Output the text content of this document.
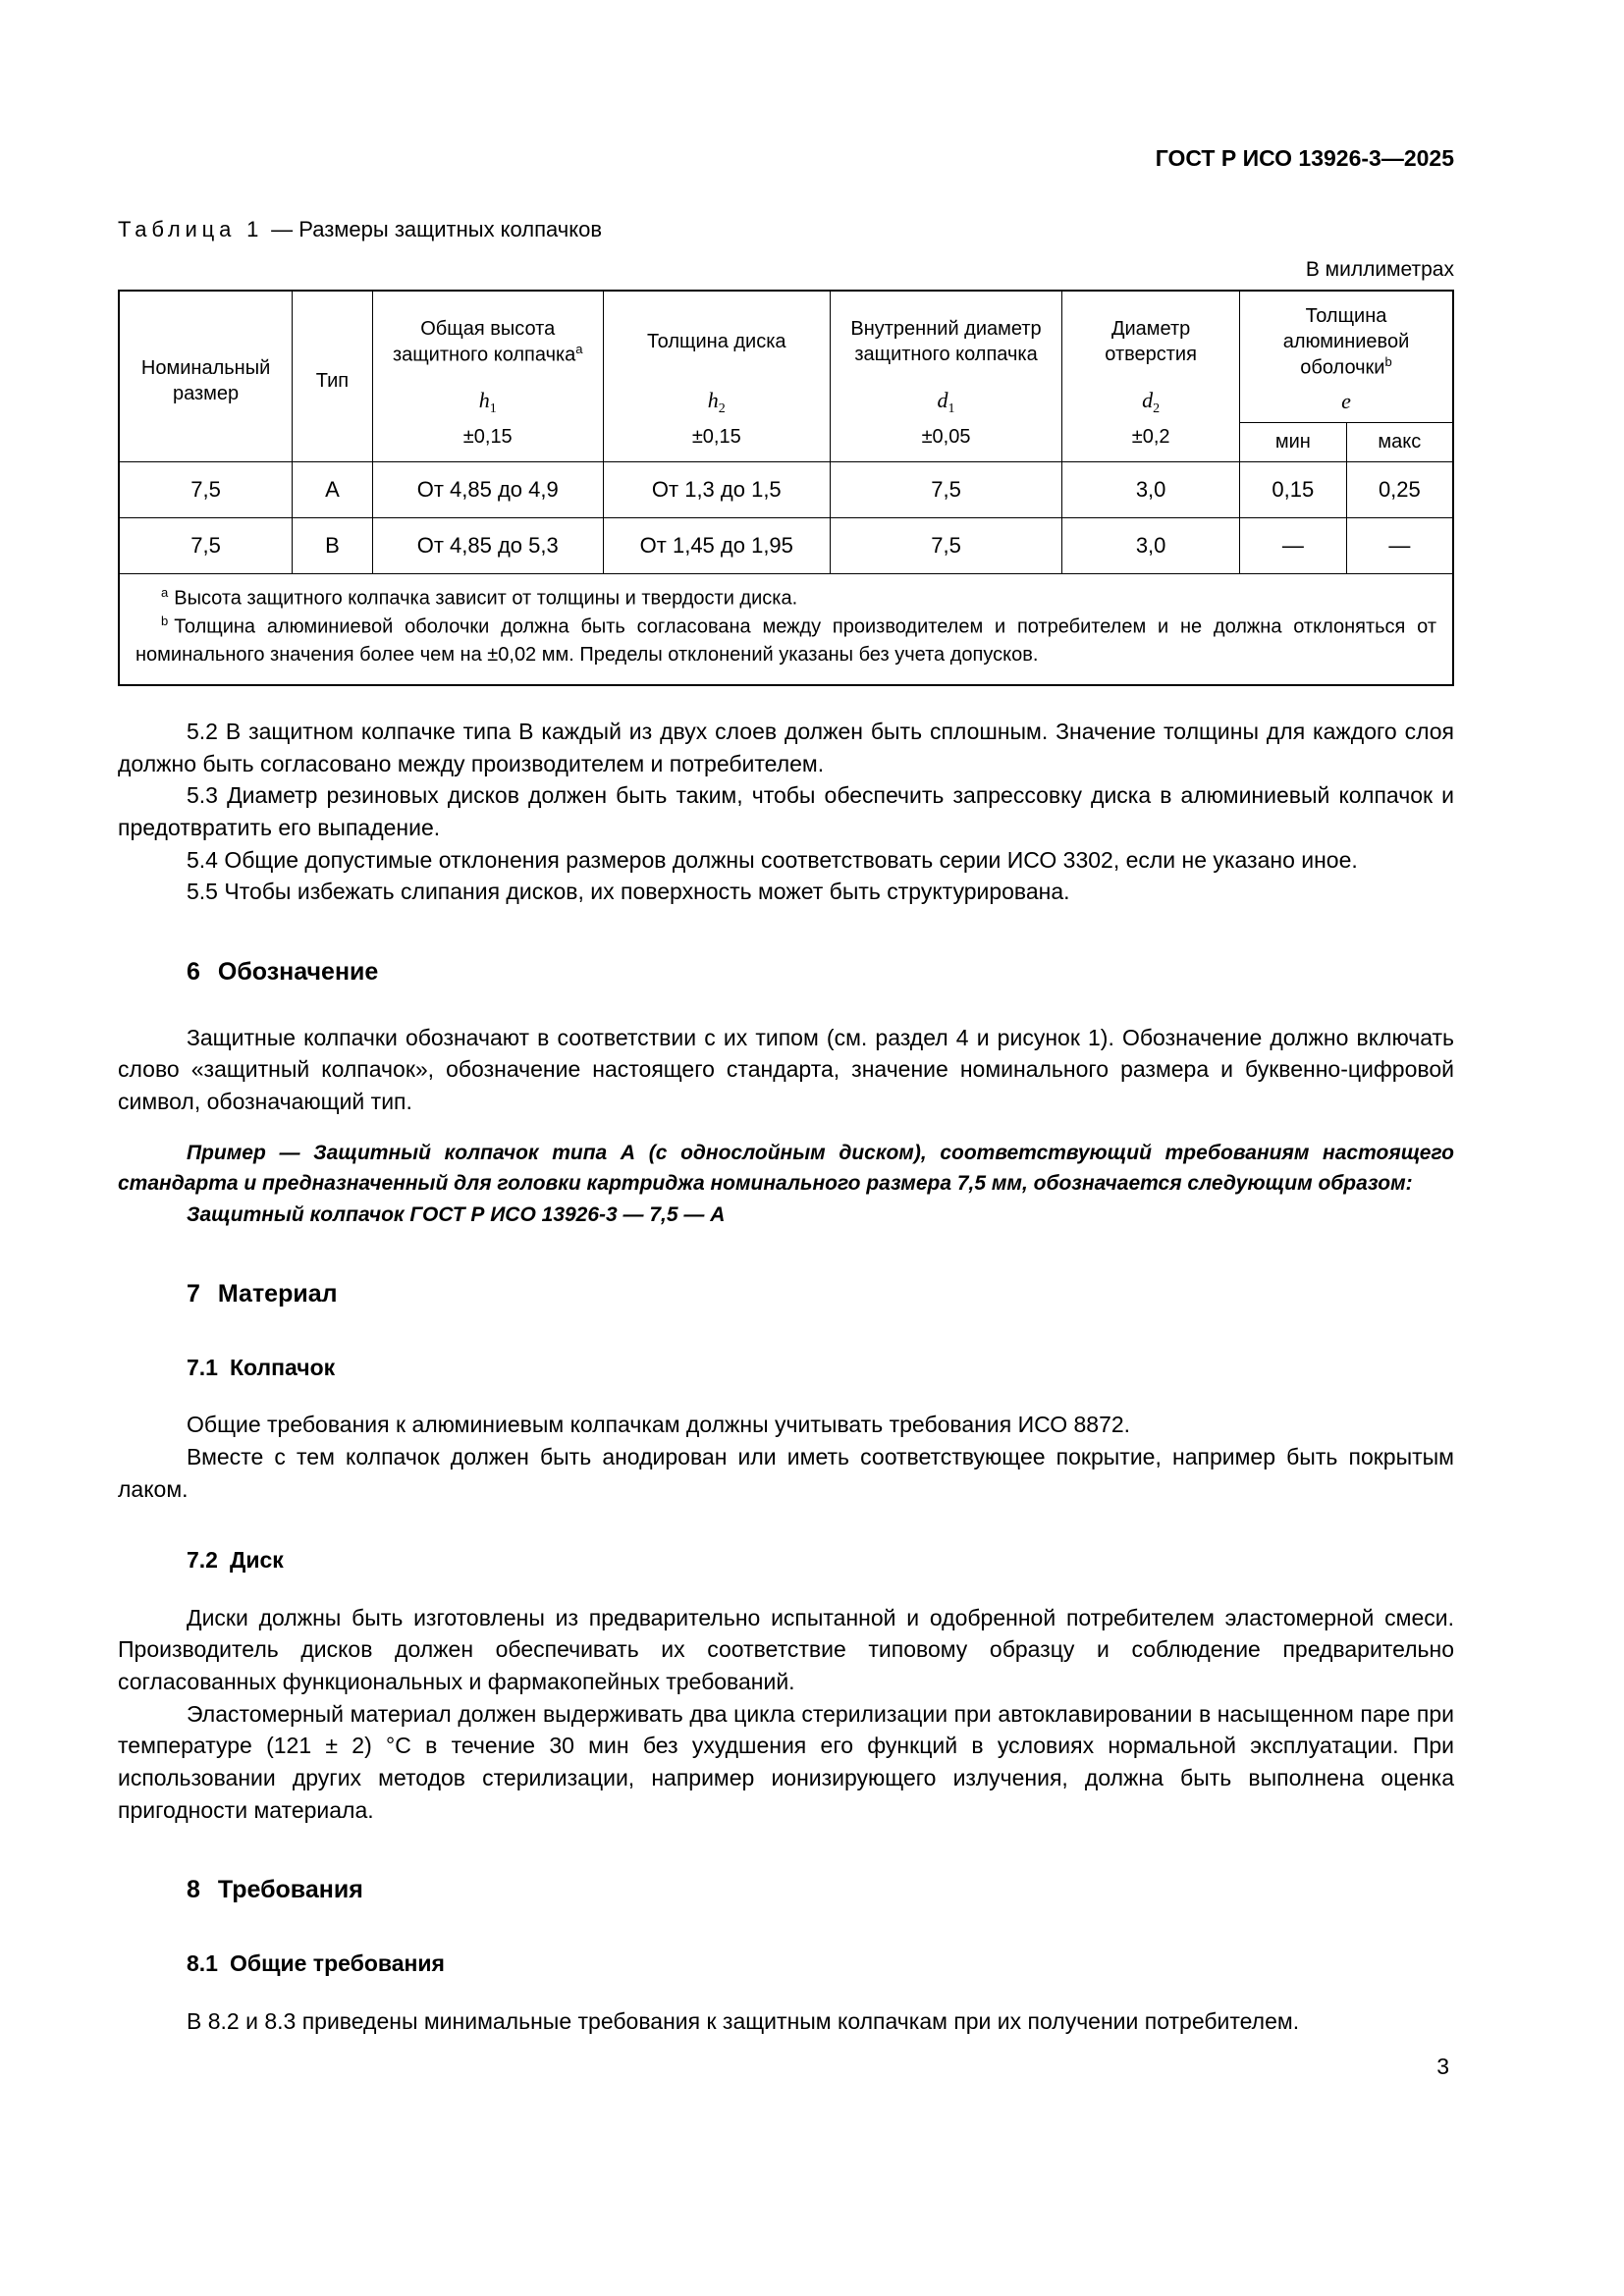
ГОСТ Р ИСО 13926-3—2025
Таблица 1 — Размеры защитных колпачков
В миллиметрах
Номинальный размер	Тип	Общая высота защитного колпачка$^a$	Толщина диска	Внутренний диаметр защитного колпачка	Диаметр отверстия	Толщина алюминиевой оболочки$^b$
		$h_1$	$h_2$	$d_1$	$d_2$	e	
		±0,15	±0,15	±0,05	±0,2	мин	макс
7,5	А	От 4,85 до 4,9	От 1,3 до 1,5	7,5	3,0	0,15	0,25
7,5	В	От 4,85 до 5,3	От 1,45 до 1,95	7,5	3,0	—	—

$^a$ Высота защитного колпачка зависит от толщины и твердости диска.

$^b$ Толщина алюминиевой оболочки должна быть согласована между производителем и потребителем и не должна отклоняться от номинального значения более чем на ±0,02 мм. Пределы отклонений указаны без учета допусков.							

5.2 В защитном колпачке типа В каждый из двух слоев должен быть сплошным. Значение толщины для каждого слоя должно быть согласовано между производителем и потребителем.

5.3 Диаметр резиновых дисков должен быть таким, чтобы обеспечить запрессовку диска в алюминиевый колпачок и предотвратить его выпадение.

5.4 Общие допустимые отклонения размеров должны соответствовать серии ИСО 3302, если не указано иное.

5.5 Чтобы избежать слипания дисков, их поверхность может быть структурирована.

6 Обозначение

Защитные колпачки обозначают в соответствии с их типом (см. раздел 4 и рисунок 1). Обозначение должно включать слово «защитный колпачок», обозначение настоящего стандарта, значение номинального размера и буквенно-цифровой символ, обозначающий тип.

Пример — Защитный колпачок типа А (с однослойным диском), соответствующий требованиям настоящего стандарта и предназначенный для головки картриджа номинального размера 7,5 мм, обозначается следующим образом:

Защитный колпачок ГОСТ Р ИСО 13926-3 — 7,5 — А

7 Материал
7.1 Колпачок

Общие требования к алюминиевым колпачкам должны учитывать требования ИСО 8872.

Вместе с тем колпачок должен быть анодирован или иметь соответствующее покрытие, например быть покрытым лаком.

7.2 Диск

Диски должны быть изготовлены из предварительно испытанной и одобренной потребителем эластомерной смеси. Производитель дисков должен обеспечивать их соответствие типовому образцу и соблюдение предварительно согласованных функциональных и фармакопейных требований.

Эластомерный материал должен выдерживать два цикла стерилизации при автоклавировании в насыщенном паре при температуре (121 ± 2) °С в течение 30 мин без ухудшения его функций в условиях нормальной эксплуатации. При использовании других методов стерилизации, например ионизирующего излучения, должна быть выполнена оценка пригодности материала.

8 Требования
8.1 Общие требования

В 8.2 и 8.3 приведены минимальные требования к защитным колпачкам при их получении потребителем.

3
